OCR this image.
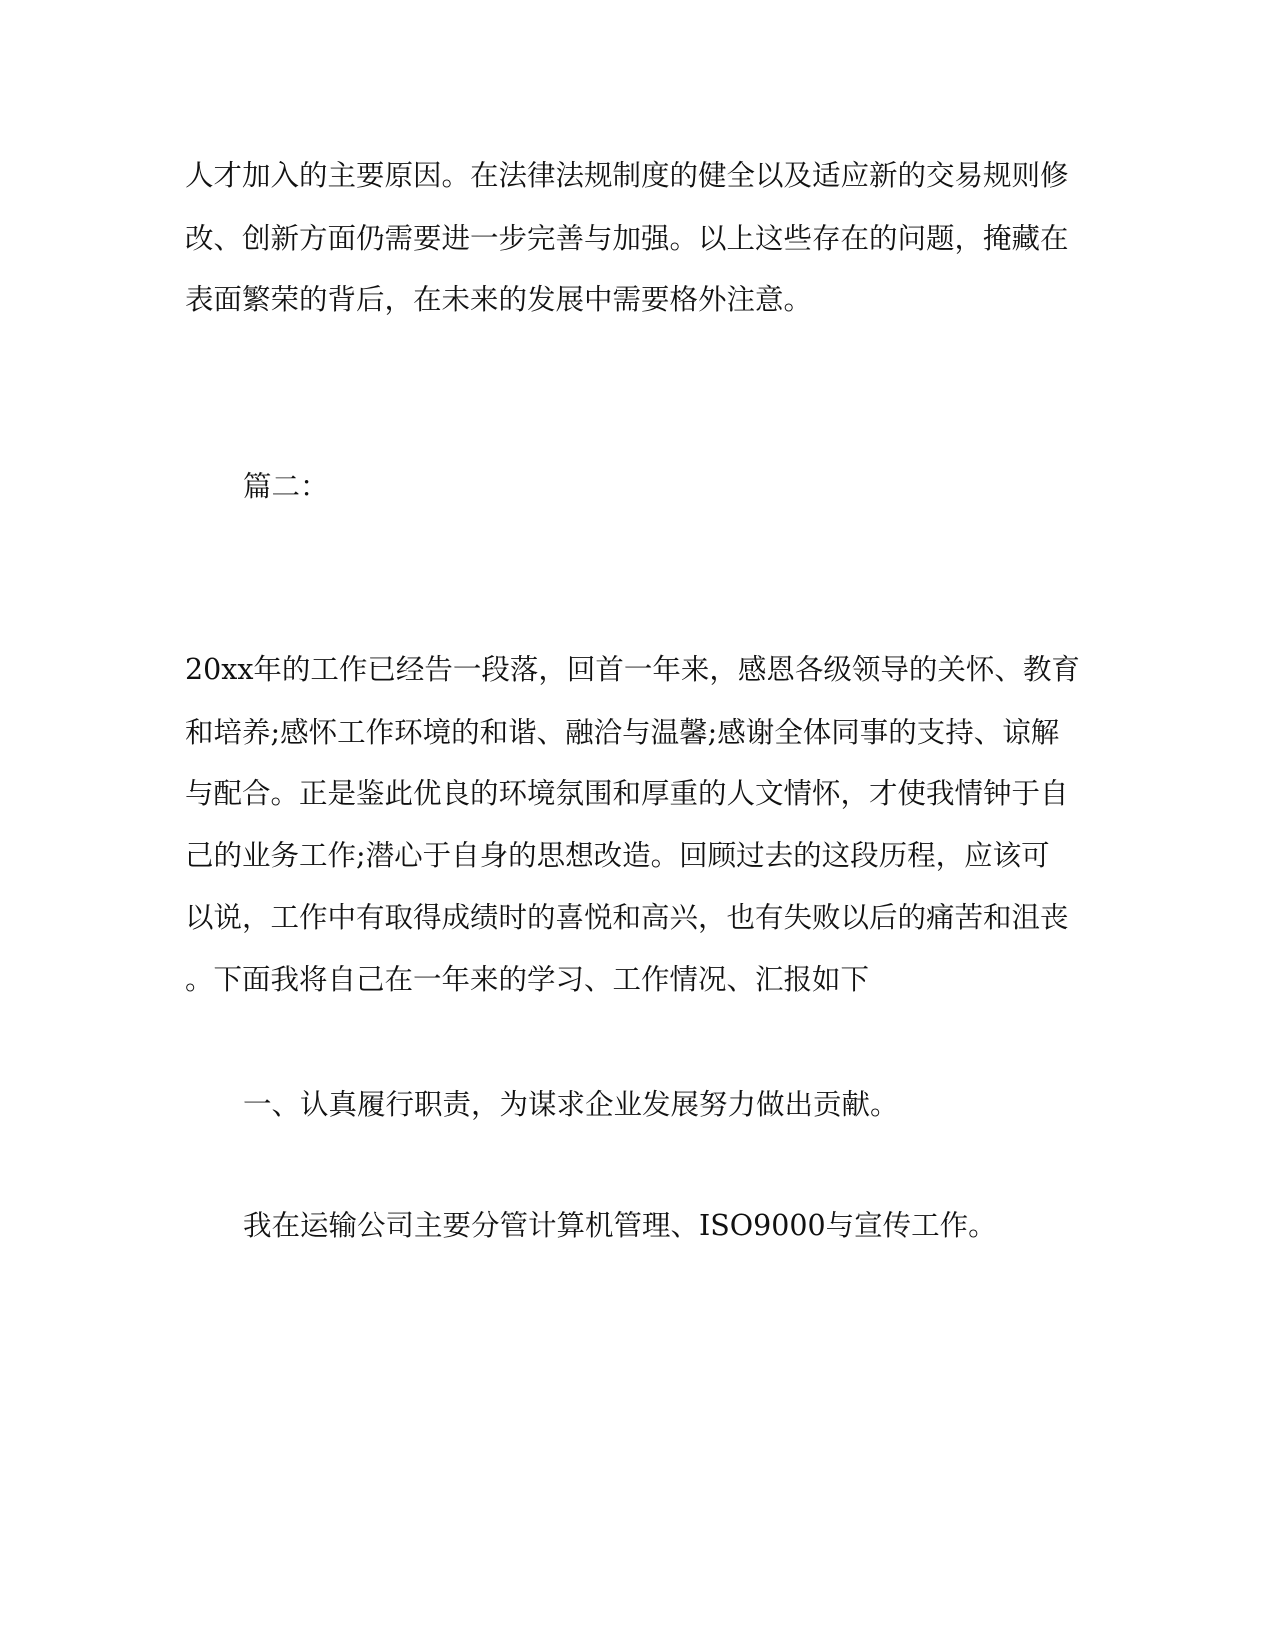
人才加入的主要原因。在法律法规制度的健全以及适应新的交易规则修
改、创新方面仍需要进一步完善与加强。以上这些存在的问题，掩藏在
表面繁荣的背后，在未来的发展中需要格外注意。
篇二：
20xx年的工作已经告一段落，回首一年来，感恩各级领导的关怀、教育
和培养;感怀工作环境的和谐、融洽与温馨;感谢全体同事的支持、谅解
与配合。正是鉴此优良的环境氛围和厚重的人文情怀，才使我情钟于自
己的业务工作;潜心于自身的思想改造。回顾过去的这段历程，应该可
以说，工作中有取得成绩时的喜悦和高兴，也有失败以后的痛苦和沮丧
。下面我将自己在一年来的学习、工作情况、汇报如下
一、认真履行职责，为谋求企业发展努力做出贡献。
我在运输公司主要分管计算机管理、ISO9000与宣传工作。
